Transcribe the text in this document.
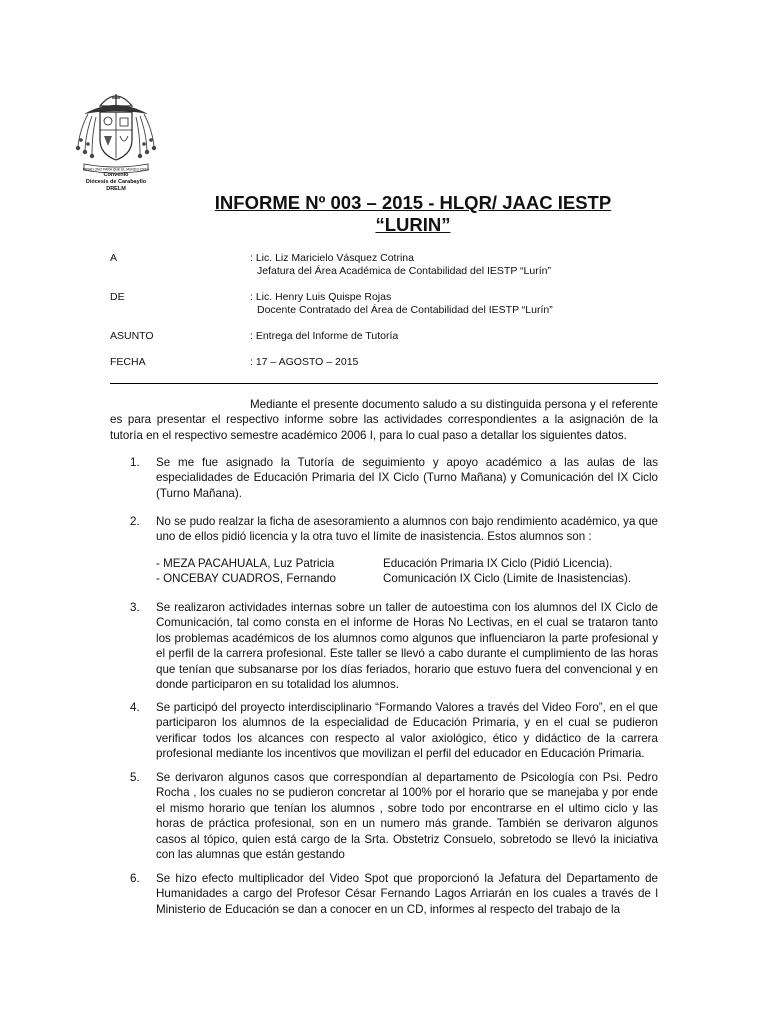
MIRAD UNO PARA QUE EL MUNDO CREA
Convenio
Diócesis de Carabayllo
DRELM
INFORME Nº 003 – 2015 - HLQR/ JAAC IESTP
“LURIN”
A	: Lic. Liz Maricielo Vásquez Cotrina
Jefatura del Área Académica de Contabilidad del IESTP “Lurín”
DE	: Lic. Henry Luis Quispe Rojas
Docente Contratado del Área de Contabilidad del IESTP “Lurín”
ASUNTO	: Entrega del Informe de Tutoría
FECHA	: 17 – AGOSTO – 2015

Mediante el presente documento saludo a su distinguida persona y el referente es para presentar el respectivo informe sobre las actividades correspondientes a la asignación de la tutoría en el respectivo semestre académico 2006 I, para lo cual paso a detallar los siguientes datos.

1. Se me fue asignado la Tutoría de seguimiento y apoyo académico a las aulas de las especialidades de Educación Primaria del IX Ciclo (Turno Mañana) y Comunicación del IX Ciclo (Turno Mañana).

2. No se pudo realzar la ficha de asesoramiento a alumnos con bajo rendimiento académico, ya que uno de ellos pidió licencia y la otra tuvo el límite de inasistencia. Estos alumnos son :

- MEZA PACAHUALA, Luz Patricia	Educación Primaria IX Ciclo (Pidió Licencia).
- ONCEBAY CUADROS, Fernando	Comunicación IX Ciclo (Limite de Inasistencias).
3. Se realizaron actividades internas sobre un taller de autoestima con los alumnos del IX Ciclo de Comunicación, tal como consta en el informe de Horas No Lectivas, en el cual se trataron tanto los problemas académicos de los alumnos como algunos que influenciaron la parte profesional y el perfil de la carrera profesional. Este taller se llevó a cabo durante el cumplimiento de las horas que tenían que subsanarse por los días feriados, horario que estuvo fuera del convencional y en donde participaron en su totalidad los alumnos.

4. Se participó del proyecto interdisciplinario “Formando Valores a través del Video Foro”, en el que participaron los alumnos de la especialidad de Educación Primaria, y en el cual se pudieron verificar todos los alcances con respecto al valor axiológico, ético y didáctico de la carrera profesional mediante los incentivos que movilizan el perfil del educador en Educación Primaria.

5. Se derivaron algunos casos que correspondían al departamento de Psicología con Psi. Pedro Rocha , los cuales no se pudieron concretar al 100% por el horario que se manejaba y por ende el mismo horario que tenían los alumnos , sobre todo por encontrarse en el ultimo ciclo y las horas de práctica profesional, son en un numero más grande. También se derivaron algunos casos al tópico, quien está cargo de la Srta. Obstetriz Consuelo, sobretodo se llevó la iniciativa con las alumnas que están gestando

6. Se hizo efecto multiplicador del Video Spot que proporcionó la Jefatura del Departamento de Humanidades a cargo del Profesor César Fernando Lagos Arriarán en los cuales a través de l Ministerio de Educación se dan a conocer en un CD, informes al respecto del trabajo de la
